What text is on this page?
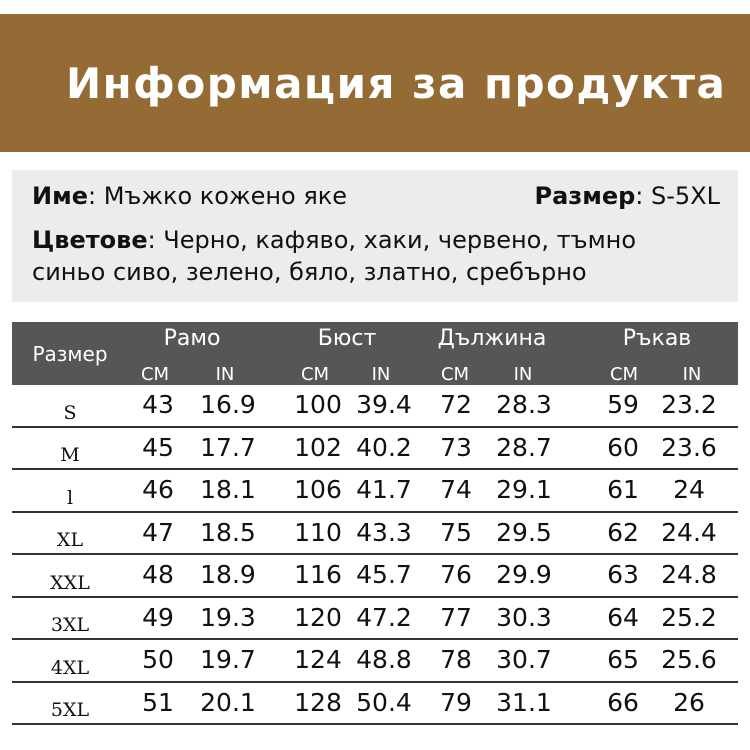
Информация за продукта
Име: Мъжко кожено яке	Размер: S-5XL
Цветове: Черно, кафяво, хаки, червено, тъмно
синьо сиво, зелено, бяло, златно, сребърно
Размер
Рамо	Бюст	Дължина	Ръкав
CM	IN	CM	IN	CM	IN	CM	IN
S	43	16.9	100 39.4	72 28.3	59 23.2
M	45	17.7	102 40.2	73 28.7	60 23.6
l	46	18.1	106 41.7	74 29.1	61	24
XL	47	18.5	110 43.3	75 29.5	62 24.4
XXL	48	18.9	116 45.7	76 29.9	63 24.8
3XL	49	19.3	120 47.2	77 30.3	64 25.2
4XL	50	19.7	124 48.8	78 30.7	65 25.6
5XL	51	20.1	128 50.4	79 31.1	66	26
